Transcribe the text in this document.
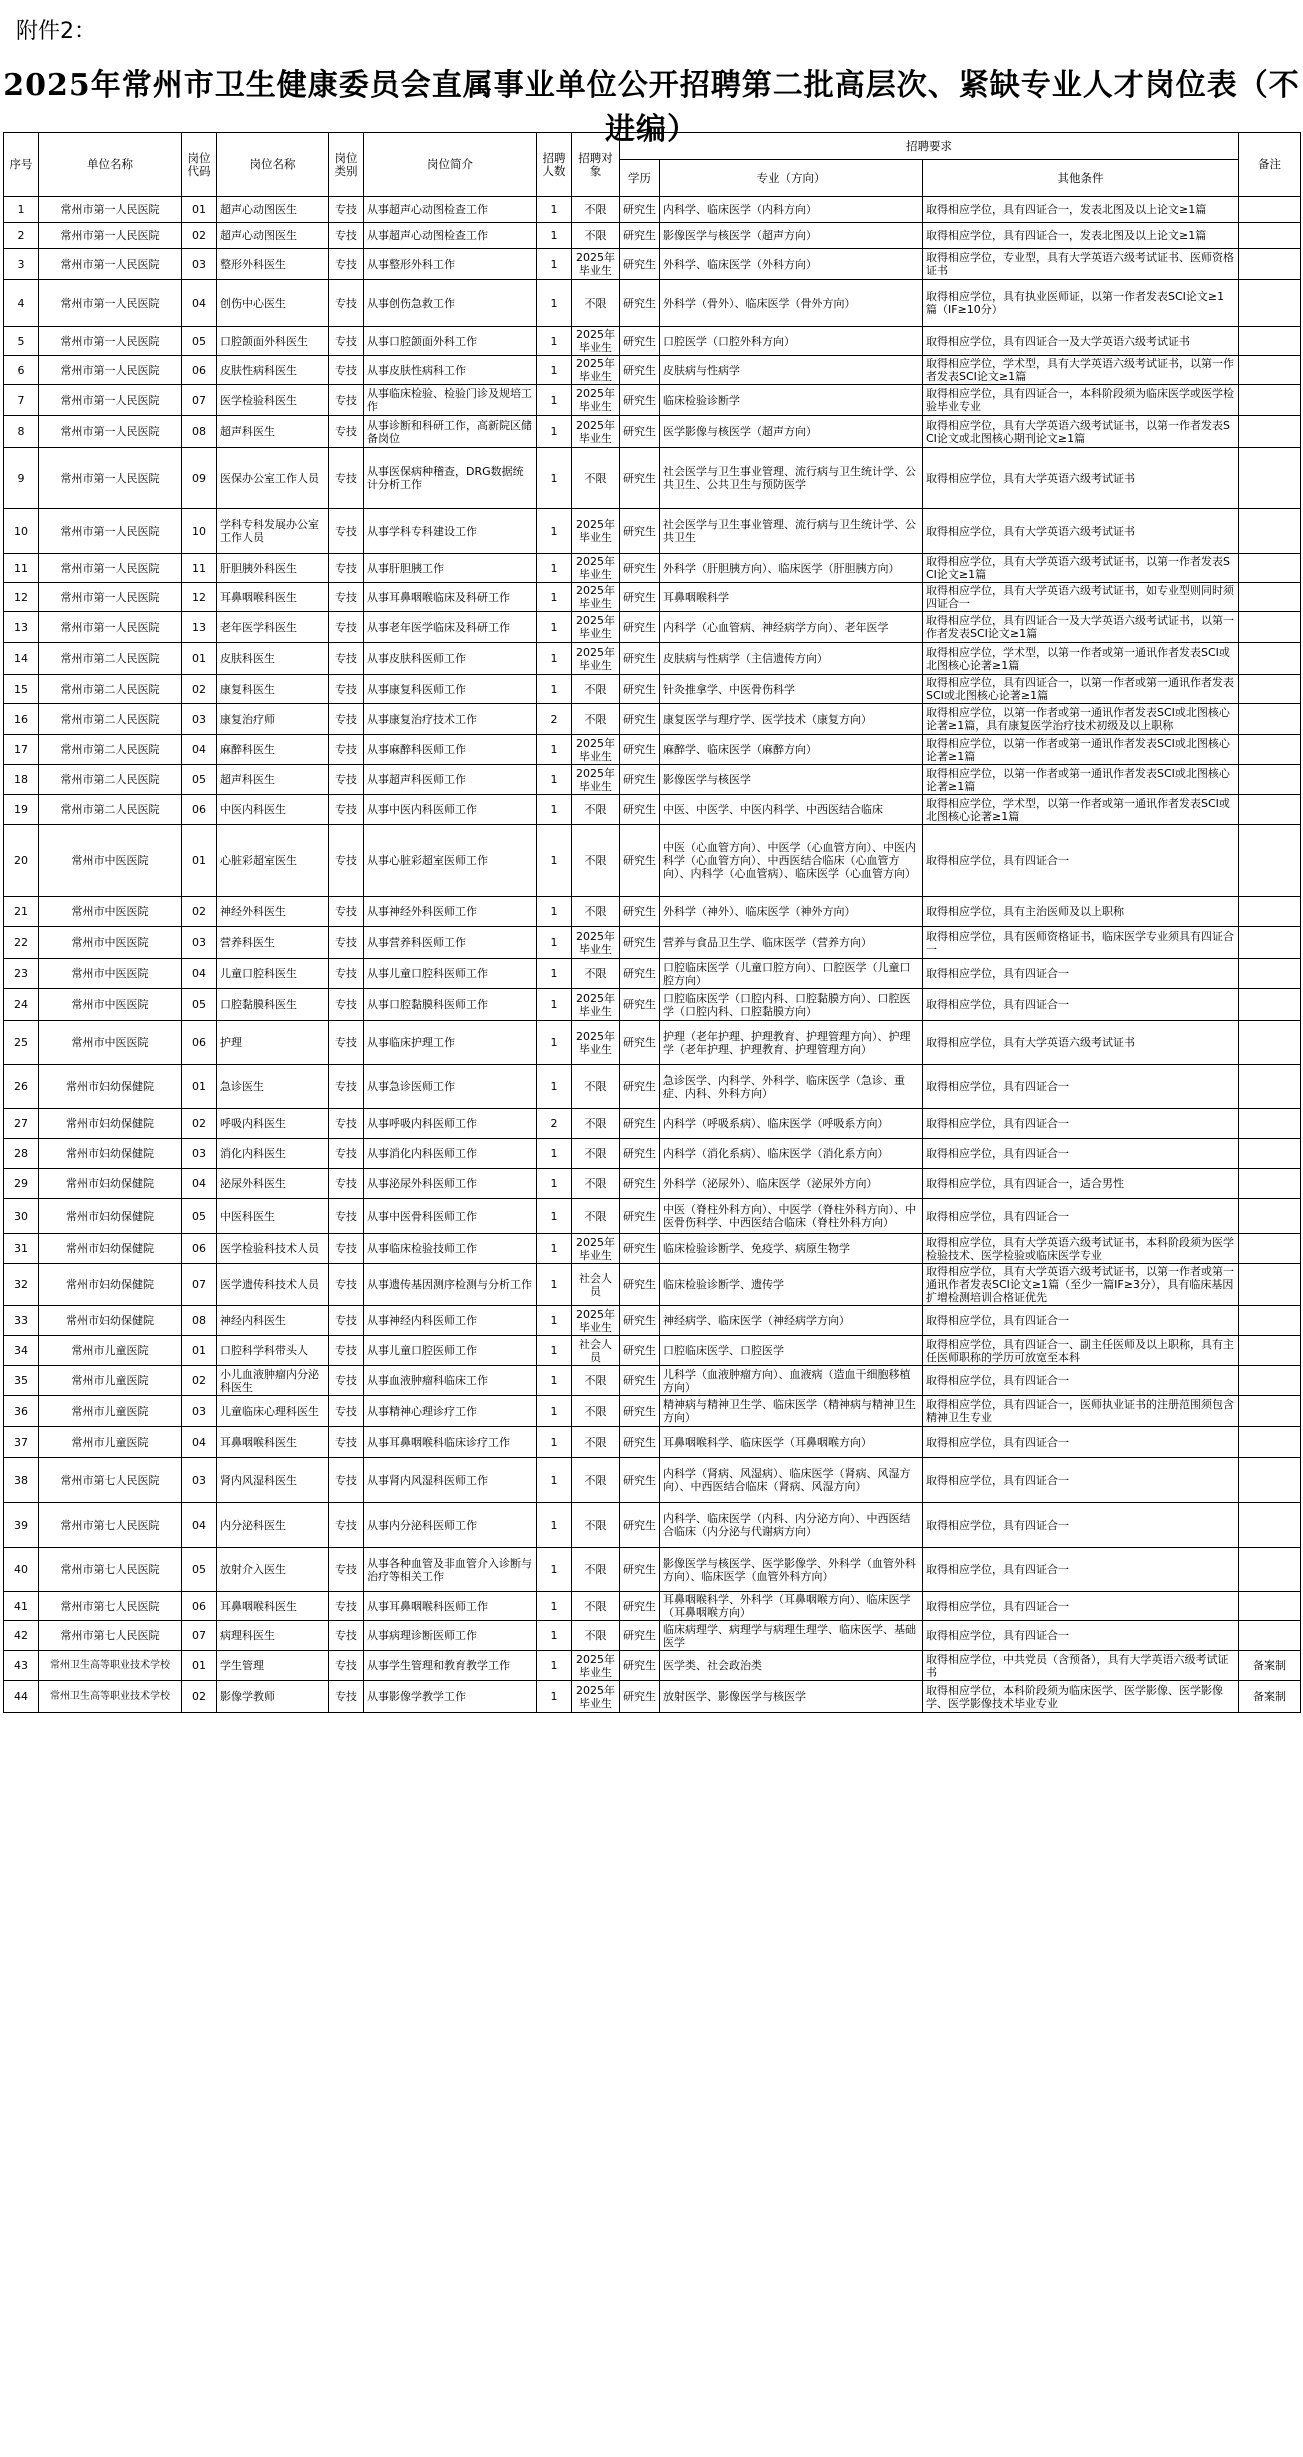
附件2：
2025年常州市卫生健康委员会直属事业单位公开招聘第二批高层次、紧缺专业人才岗位表（不进编）
序号	单位名称	岗位代码	岗位名称	岗位类别	岗位简介	招聘人数	招聘对象	招聘要求			备注
								学历	专业（方向）	其他条件	
1	常州市第一人民医院	01	超声心动图医生	专技	从事超声心动图检查工作	1	不限	研究生	内科学、临床医学（内科方向）	取得相应学位，具有四证合一，发表北图及以上论文≥1篇	
2	常州市第一人民医院	02	超声心动图医生	专技	从事超声心动图检查工作	1	不限	研究生	影像医学与核医学（超声方向）	取得相应学位，具有四证合一，发表北图及以上论文≥1篇	
3	常州市第一人民医院	03	整形外科医生	专技	从事整形外科工作	1	2025年毕业生	研究生	外科学、临床医学（外科方向）	取得相应学位，专业型，具有大学英语六级考试证书、医师资格证书	
4	常州市第一人民医院	04	创伤中心医生	专技	从事创伤急救工作	1	不限	研究生	外科学（骨外）、临床医学（骨外方向）	取得相应学位，具有执业医师证，以第一作者发表SCI论文≥1篇（IF≥10分）	
5	常州市第一人民医院	05	口腔颌面外科医生	专技	从事口腔颌面外科工作	1	2025年毕业生	研究生	口腔医学（口腔外科方向）	取得相应学位，具有四证合一及大学英语六级考试证书	
6	常州市第一人民医院	06	皮肤性病科医生	专技	从事皮肤性病科工作	1	2025年毕业生	研究生	皮肤病与性病学	取得相应学位，学术型，具有大学英语六级考试证书，以第一作者发表SCI论文≥1篇	
7	常州市第一人民医院	07	医学检验科医生	专技	从事临床检验、检验门诊及规培工作	1	2025年毕业生	研究生	临床检验诊断学	取得相应学位，具有四证合一，本科阶段须为临床医学或医学检验毕业专业	
8	常州市第一人民医院	08	超声科医生	专技	从事诊断和科研工作，高新院区储备岗位	1	2025年毕业生	研究生	医学影像与核医学（超声方向）	取得相应学位，具有大学英语六级考试证书，以第一作者发表SCI论文或北图核心期刊论文≥1篇	
9	常州市第一人民医院	09	医保办公室工作人员	专技	从事医保病种稽查，DRG数据统计分析工作	1	不限	研究生	社会医学与卫生事业管理、流行病与卫生统计学、公共卫生、公共卫生与预防医学	取得相应学位，具有大学英语六级考试证书	
10	常州市第一人民医院	10	学科专科发展办公室工作人员	专技	从事学科专科建设工作	1	2025年毕业生	研究生	社会医学与卫生事业管理、流行病与卫生统计学、公共卫生	取得相应学位，具有大学英语六级考试证书	
11	常州市第一人民医院	11	肝胆胰外科医生	专技	从事肝胆胰工作	1	2025年毕业生	研究生	外科学（肝胆胰方向）、临床医学（肝胆胰方向）	取得相应学位，具有大学英语六级考试证书，以第一作者发表SCI论文≥1篇	
12	常州市第一人民医院	12	耳鼻咽喉科医生	专技	从事耳鼻咽喉临床及科研工作	1	2025年毕业生	研究生	耳鼻咽喉科学	取得相应学位，具有大学英语六级考试证书，如专业型则同时须四证合一	
13	常州市第一人民医院	13	老年医学科医生	专技	从事老年医学临床及科研工作	1	2025年毕业生	研究生	内科学（心血管病、神经病学方向）、老年医学	取得相应学位，具有四证合一及大学英语六级考试证书，以第一作者发表SCI论文≥1篇	
14	常州市第二人民医院	01	皮肤科医生	专技	从事皮肤科医师工作	1	2025年毕业生	研究生	皮肤病与性病学（主信遗传方向）	取得相应学位，学术型，以第一作者或第一通讯作者发表SCI或北图核心论著≥1篇	
15	常州市第二人民医院	02	康复科医生	专技	从事康复科医师工作	1	不限	研究生	针灸推拿学、中医骨伤科学	取得相应学位，具有四证合一，以第一作者或第一通讯作者发表SCI或北图核心论著≥1篇	
16	常州市第二人民医院	03	康复治疗师	专技	从事康复治疗技术工作	2	不限	研究生	康复医学与理疗学、医学技术（康复方向）	取得相应学位，以第一作者或第一通讯作者发表SCI或北图核心论著≥1篇，具有康复医学治疗技术初级及以上职称	
17	常州市第二人民医院	04	麻醉科医生	专技	从事麻醉科医师工作	1	2025年毕业生	研究生	麻醉学、临床医学（麻醉方向）	取得相应学位，以第一作者或第一通讯作者发表SCI或北图核心论著≥1篇	
18	常州市第二人民医院	05	超声科医生	专技	从事超声科医师工作	1	2025年毕业生	研究生	影像医学与核医学	取得相应学位，以第一作者或第一通讯作者发表SCI或北图核心论著≥1篇	
19	常州市第二人民医院	06	中医内科医生	专技	从事中医内科医师工作	1	不限	研究生	中医、中医学、中医内科学、中西医结合临床	取得相应学位，学术型，以第一作者或第一通讯作者发表SCI或北图核心论著≥1篇	
20	常州市中医医院	01	心脏彩超室医生	专技	从事心脏彩超室医师工作	1	不限	研究生	中医（心血管方向）、中医学（心血管方向）、中医内科学（心血管方向）、中西医结合临床（心血管方向）、内科学（心血管病）、临床医学（心血管方向）	取得相应学位，具有四证合一	
21	常州市中医医院	02	神经外科医生	专技	从事神经外科医师工作	1	不限	研究生	外科学（神外）、临床医学（神外方向）	取得相应学位，具有主治医师及以上职称	
22	常州市中医医院	03	营养科医生	专技	从事营养科医师工作	1	2025年毕业生	研究生	营养与食品卫生学、临床医学（营养方向）	取得相应学位，具有医师资格证书，临床医学专业须具有四证合一	
23	常州市中医医院	04	儿童口腔科医生	专技	从事儿童口腔科医师工作	1	不限	研究生	口腔临床医学（儿童口腔方向）、口腔医学（儿童口腔方向）	取得相应学位，具有四证合一	
24	常州市中医医院	05	口腔黏膜科医生	专技	从事口腔黏膜科医师工作	1	2025年毕业生	研究生	口腔临床医学（口腔内科、口腔黏膜方向）、口腔医学（口腔内科、口腔黏膜方向）	取得相应学位，具有四证合一	
25	常州市中医医院	06	护理	专技	从事临床护理工作	1	2025年毕业生	研究生	护理（老年护理、护理教育、护理管理方向）、护理学（老年护理、护理教育、护理管理方向）	取得相应学位，具有大学英语六级考试证书	
26	常州市妇幼保健院	01	急诊医生	专技	从事急诊医师工作	1	不限	研究生	急诊医学、内科学、外科学、临床医学（急诊、重症、内科、外科方向）	取得相应学位，具有四证合一	
27	常州市妇幼保健院	02	呼吸内科医生	专技	从事呼吸内科医师工作	2	不限	研究生	内科学（呼吸系病）、临床医学（呼吸系方向）	取得相应学位，具有四证合一	
28	常州市妇幼保健院	03	消化内科医生	专技	从事消化内科医师工作	1	不限	研究生	内科学（消化系病）、临床医学（消化系方向）	取得相应学位，具有四证合一	
29	常州市妇幼保健院	04	泌尿外科医生	专技	从事泌尿外科医师工作	1	不限	研究生	外科学（泌尿外）、临床医学（泌尿外方向）	取得相应学位，具有四证合一，适合男性	
30	常州市妇幼保健院	05	中医科医生	专技	从事中医骨科医师工作	1	不限	研究生	中医（脊柱外科方向）、中医学（脊柱外科方向）、中医骨伤科学、中西医结合临床（脊柱外科方向）	取得相应学位，具有四证合一	
31	常州市妇幼保健院	06	医学检验科技术人员	专技	从事临床检验技师工作	1	2025年毕业生	研究生	临床检验诊断学、免疫学、病原生物学	取得相应学位，具有大学英语六级考试证书，本科阶段须为医学检验技术、医学检验或临床医学专业	
32	常州市妇幼保健院	07	医学遗传科技术人员	专技	从事遗传基因测序检测与分析工作	1	社会人员	研究生	临床检验诊断学、遗传学	取得相应学位，具有大学英语六级考试证书，以第一作者或第一通讯作者发表SCI论文≥1篇（至少一篇IF≥3分），具有临床基因扩增检测培训合格证优先	
33	常州市妇幼保健院	08	神经内科医生	专技	从事神经内科医师工作	1	2025年毕业生	研究生	神经病学、临床医学（神经病学方向）	取得相应学位，具有四证合一	
34	常州市儿童医院	01	口腔科学科带头人	专技	从事儿童口腔医师工作	1	社会人员	研究生	口腔临床医学、口腔医学	取得相应学位，具有四证合一、副主任医师及以上职称，具有主任医师职称的学历可放宽至本科	
35	常州市儿童医院	02	小儿血液肿瘤内分泌科医生	专技	从事血液肿瘤科临床工作	1	不限	研究生	儿科学（血液肿瘤方向）、血液病（造血干细胞移植方向）	取得相应学位，具有四证合一	
36	常州市儿童医院	03	儿童临床心理科医生	专技	从事精神心理诊疗工作	1	不限	研究生	精神病与精神卫生学、临床医学（精神病与精神卫生方向）	取得相应学位，具有四证合一，医师执业证书的注册范围须包含精神卫生专业	
37	常州市儿童医院	04	耳鼻咽喉科医生	专技	从事耳鼻咽喉科临床诊疗工作	1	不限	研究生	耳鼻咽喉科学、临床医学（耳鼻咽喉方向）	取得相应学位，具有四证合一	
38	常州市第七人民医院	03	肾内风湿科医生	专技	从事肾内风湿科医师工作	1	不限	研究生	内科学（肾病、风湿病）、临床医学（肾病、风湿方向）、中西医结合临床（肾病、风湿方向）	取得相应学位，具有四证合一	
39	常州市第七人民医院	04	内分泌科医生	专技	从事内分泌科医师工作	1	不限	研究生	内科学、临床医学（内科、内分泌方向）、中西医结合临床（内分泌与代谢病方向）	取得相应学位，具有四证合一	
40	常州市第七人民医院	05	放射介入医生	专技	从事各种血管及非血管介入诊断与治疗等相关工作	1	不限	研究生	影像医学与核医学、医学影像学、外科学（血管外科方向）、临床医学（血管外科方向）	取得相应学位，具有四证合一	
41	常州市第七人民医院	06	耳鼻咽喉科医生	专技	从事耳鼻咽喉科医师工作	1	不限	研究生	耳鼻咽喉科学、外科学（耳鼻咽喉方向）、临床医学（耳鼻咽喉方向）	取得相应学位，具有四证合一	
42	常州市第七人民医院	07	病理科医生	专技	从事病理诊断医师工作	1	不限	研究生	临床病理学、病理学与病理生理学、临床医学、基础医学	取得相应学位，具有四证合一	
43	常州卫生高等职业技术学校	01	学生管理	专技	从事学生管理和教育教学工作	1	2025年毕业生	研究生	医学类、社会政治类	取得相应学位，中共党员（含预备），具有大学英语六级考试证书	备案制
44	常州卫生高等职业技术学校	02	影像学教师	专技	从事影像学教学工作	1	2025年毕业生	研究生	放射医学、影像医学与核医学	取得相应学位，本科阶段须为临床医学、医学影像、医学影像学、医学影像技术毕业专业	备案制
